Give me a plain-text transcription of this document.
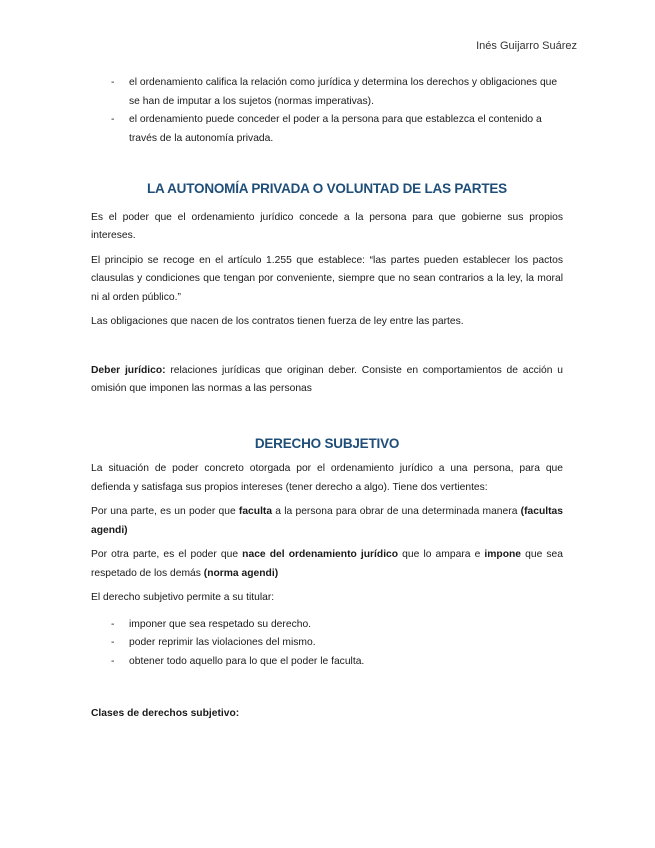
Inés Guijarro Suárez
- el ordenamiento califica la relación como jurídica y determina los derechos y obligaciones que se han de imputar a los sujetos (normas imperativas).
- el ordenamiento puede conceder el poder a la persona para que establezca el contenido a través de la autonomía privada.
LA AUTONOMÍA PRIVADA O VOLUNTAD DE LAS PARTES

Es el poder que el ordenamiento jurídico concede a la persona para que gobierne sus propios intereses.

El principio se recoge en el artículo 1.255 que establece: “las partes pueden establecer los pactos clausulas y condiciones que tengan por conveniente, siempre que no sean contrarios a la ley, la moral ni al orden público.”

Las obligaciones que nacen de los contratos tienen fuerza de ley entre las partes.

Deber jurídico: relaciones jurídicas que originan deber. Consiste en comportamientos de acción u omisión que imponen las normas a las personas

DERECHO SUBJETIVO

La situación de poder concreto otorgada por el ordenamiento jurídico a una persona, para que defienda y satisfaga sus propios intereses (tener derecho a algo). Tiene dos vertientes:

Por una parte, es un poder que faculta a la persona para obrar de una determinada manera (facultas agendi)

Por otra parte, es el poder que nace del ordenamiento jurídico que lo ampara e impone que sea respetado de los demás (norma agendi)

El derecho subjetivo permite a su titular:

- imponer que sea respetado su derecho.
- poder reprimir las violaciones del mismo.
- obtener todo aquello para lo que el poder le faculta.

Clases de derechos subjetivo:
